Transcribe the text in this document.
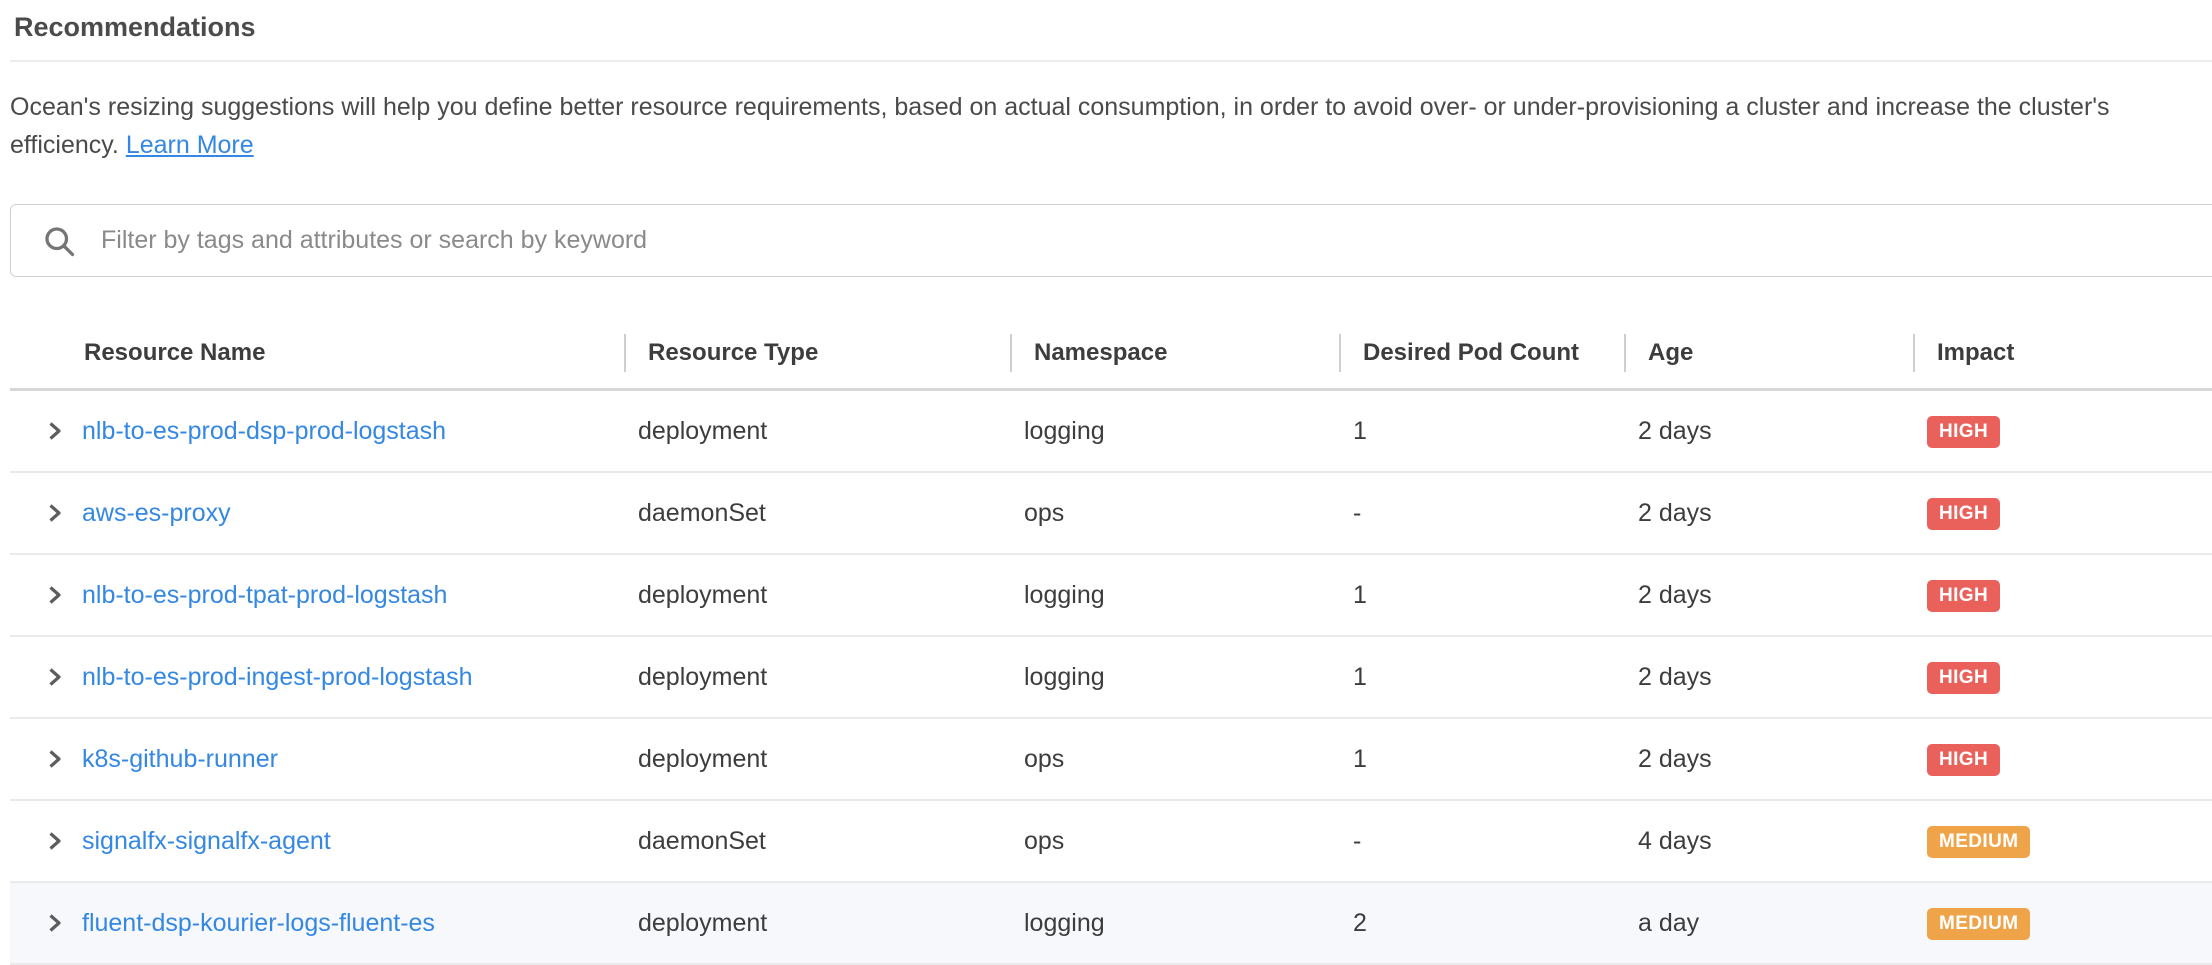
Recommendations

Ocean's resizing suggestions will help you define better resource requirements, based on actual consumption, in order to avoid over- or under-provisioning a cluster and increase the cluster's efficiency. Learn More

Filter by tags and attributes or search by keyword
Resource Name	Resource Type	Namespace	Desired Pod Count	Age	Impact
nlb-to-es-prod-dsp-prod-logstash	deployment	logging	1	2 days	HIGH
aws-es-proxy	daemonSet	ops	-	2 days	HIGH
nlb-to-es-prod-tpat-prod-logstash	deployment	logging	1	2 days	HIGH
nlb-to-es-prod-ingest-prod-logstash	deployment	logging	1	2 days	HIGH
k8s-github-runner	deployment	ops	1	2 days	HIGH
signalfx-signalfx-agent	daemonSet	ops	-	4 days	MEDIUM
fluent-dsp-kourier-logs-fluent-es	deployment	logging	2	a day	MEDIUM
